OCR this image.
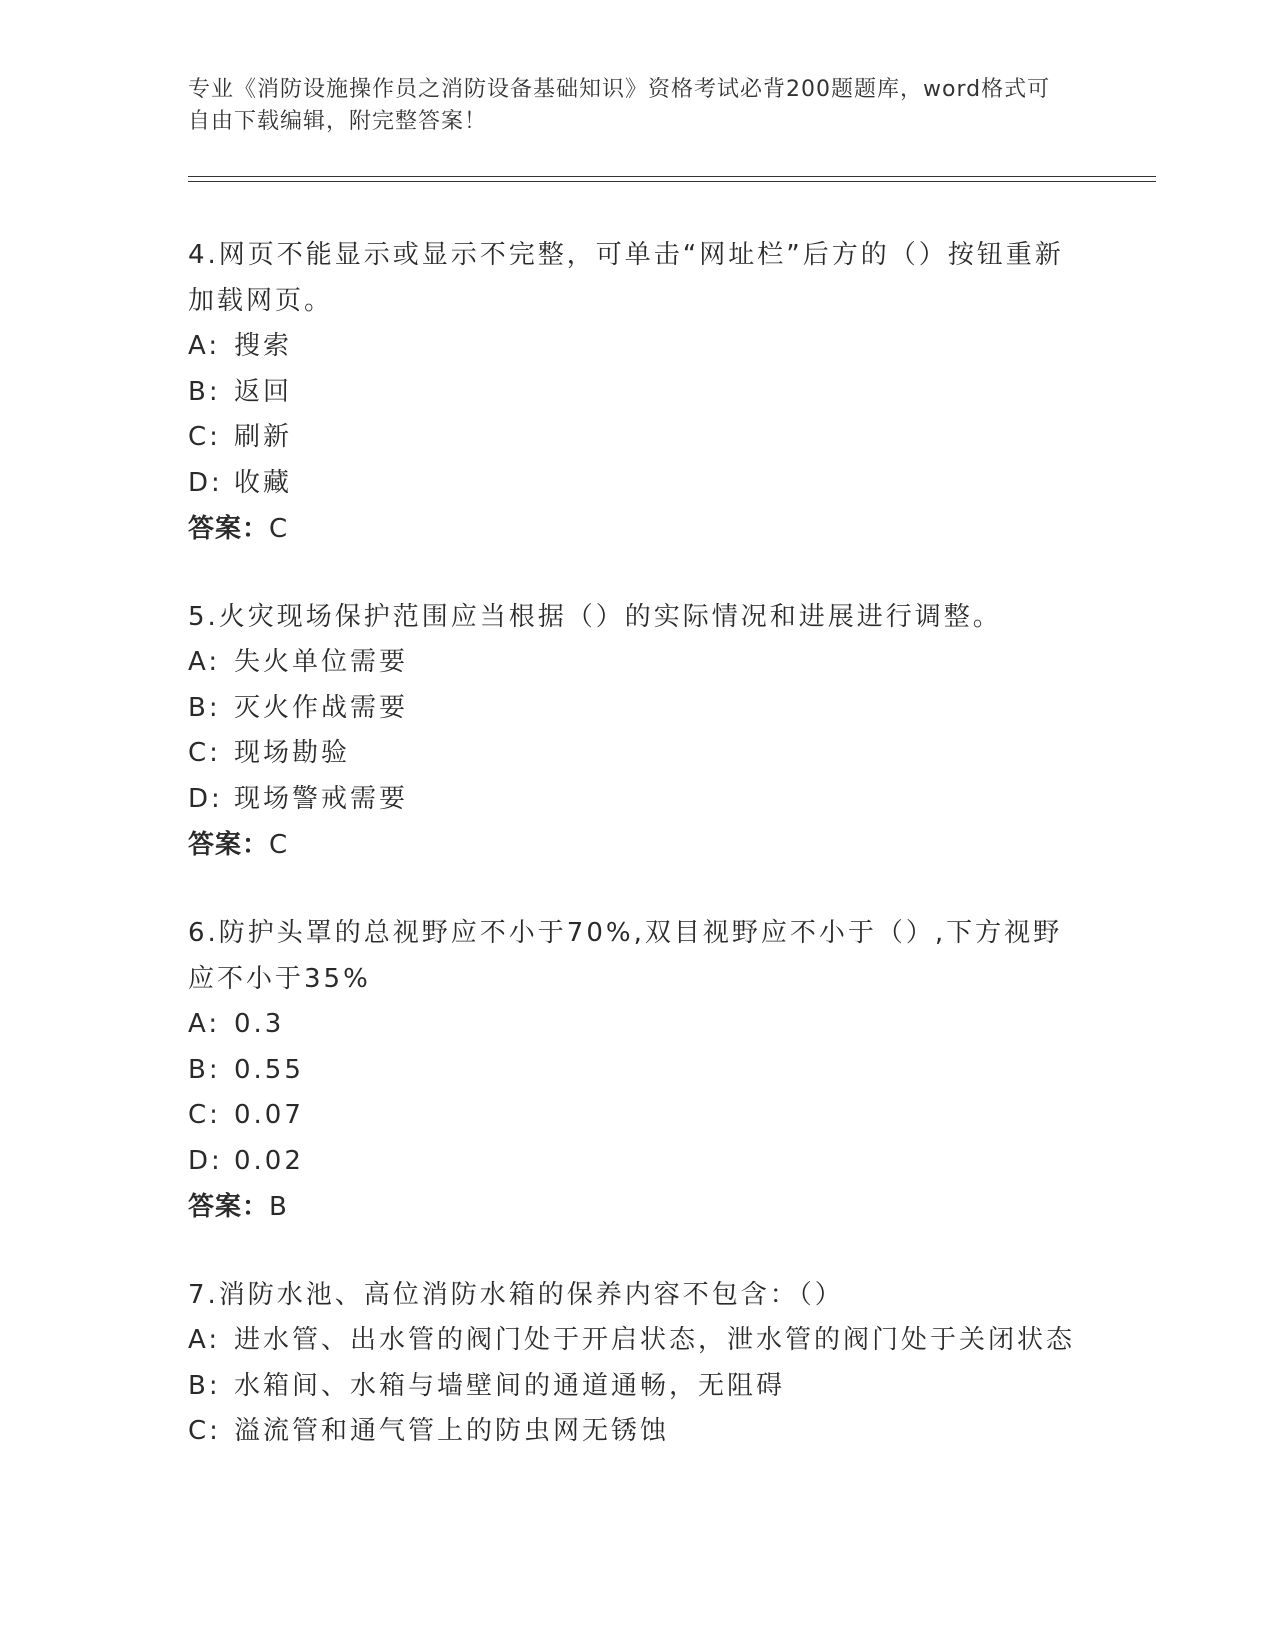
专业《消防设施操作员之消防设备基础知识》资格考试必背200题题库，word格式可自由下载编辑，附完整答案！
4.网页不能显示或显示不完整，可单击“网址栏”后方的（）按钮重新加载网页。
A: 搜索
B: 返回
C: 刷新
D: 收藏
答案：C
5.火灾现场保护范围应当根据（）的实际情况和进展进行调整。
A: 失火单位需要
B: 灭火作战需要
C: 现场勘验
D: 现场警戒需要
答案：C
6.防护头罩的总视野应不小于70%,双目视野应不小于（）,下方视野应不小于35%
A: 0.3
B: 0.55
C: 0.07
D: 0.02
答案：B
7.消防水池、高位消防水箱的保养内容不包含：（）
A: 进水管、出水管的阀门处于开启状态，泄水管的阀门处于关闭状态
B: 水箱间、水箱与墙壁间的通道通畅，无阻碍
C: 溢流管和通气管上的防虫网无锈蚀
